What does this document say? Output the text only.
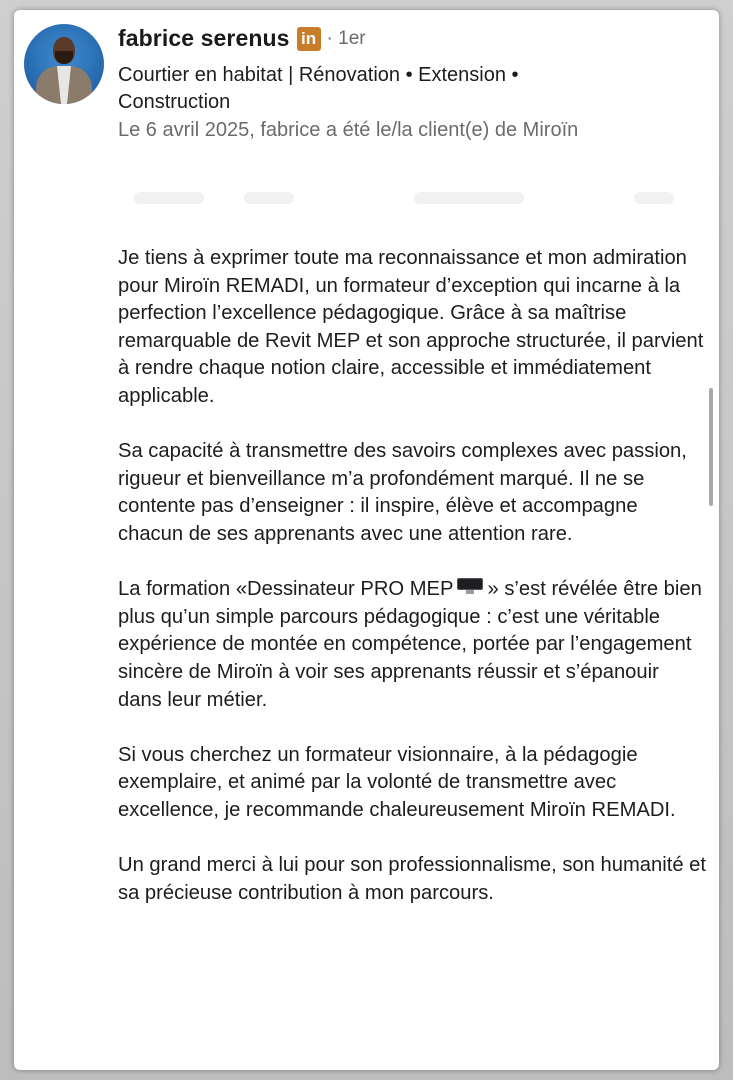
fabrice serenus in · 1er
Courtier en habitat | Rénovation • Extension • Construction
Le 6 avril 2025, fabrice a été le/la client(e) de Miroïn

Je tiens à exprimer toute ma reconnaissance et mon admiration pour Miroïn REMADI, un formateur d’exception qui incarne à la perfection l’excellence pédagogique. Grâce à sa maîtrise remarquable de Revit MEP et son approche structurée, il parvient à rendre chaque notion claire, accessible et immédiatement applicable.

Sa capacité à transmettre des savoirs complexes avec passion, rigueur et bienveillance m’a profondément marqué. Il ne se contente pas d’enseigner : il inspire, élève et accompagne chacun de ses apprenants avec une attention rare.

La formation «Dessinateur PRO MEP » s’est révélée être bien plus qu’un simple parcours pédagogique : c’est une véritable expérience de montée en compétence, portée par l’engagement sincère de Miroïn à voir ses apprenants réussir et s’épanouir dans leur métier.

Si vous cherchez un formateur visionnaire, à la pédagogie exemplaire, et animé par la volonté de transmettre avec excellence, je recommande chaleureusement Miroïn REMADI.

Un grand merci à lui pour son professionnalisme, son humanité et sa précieuse contribution à mon parcours.
